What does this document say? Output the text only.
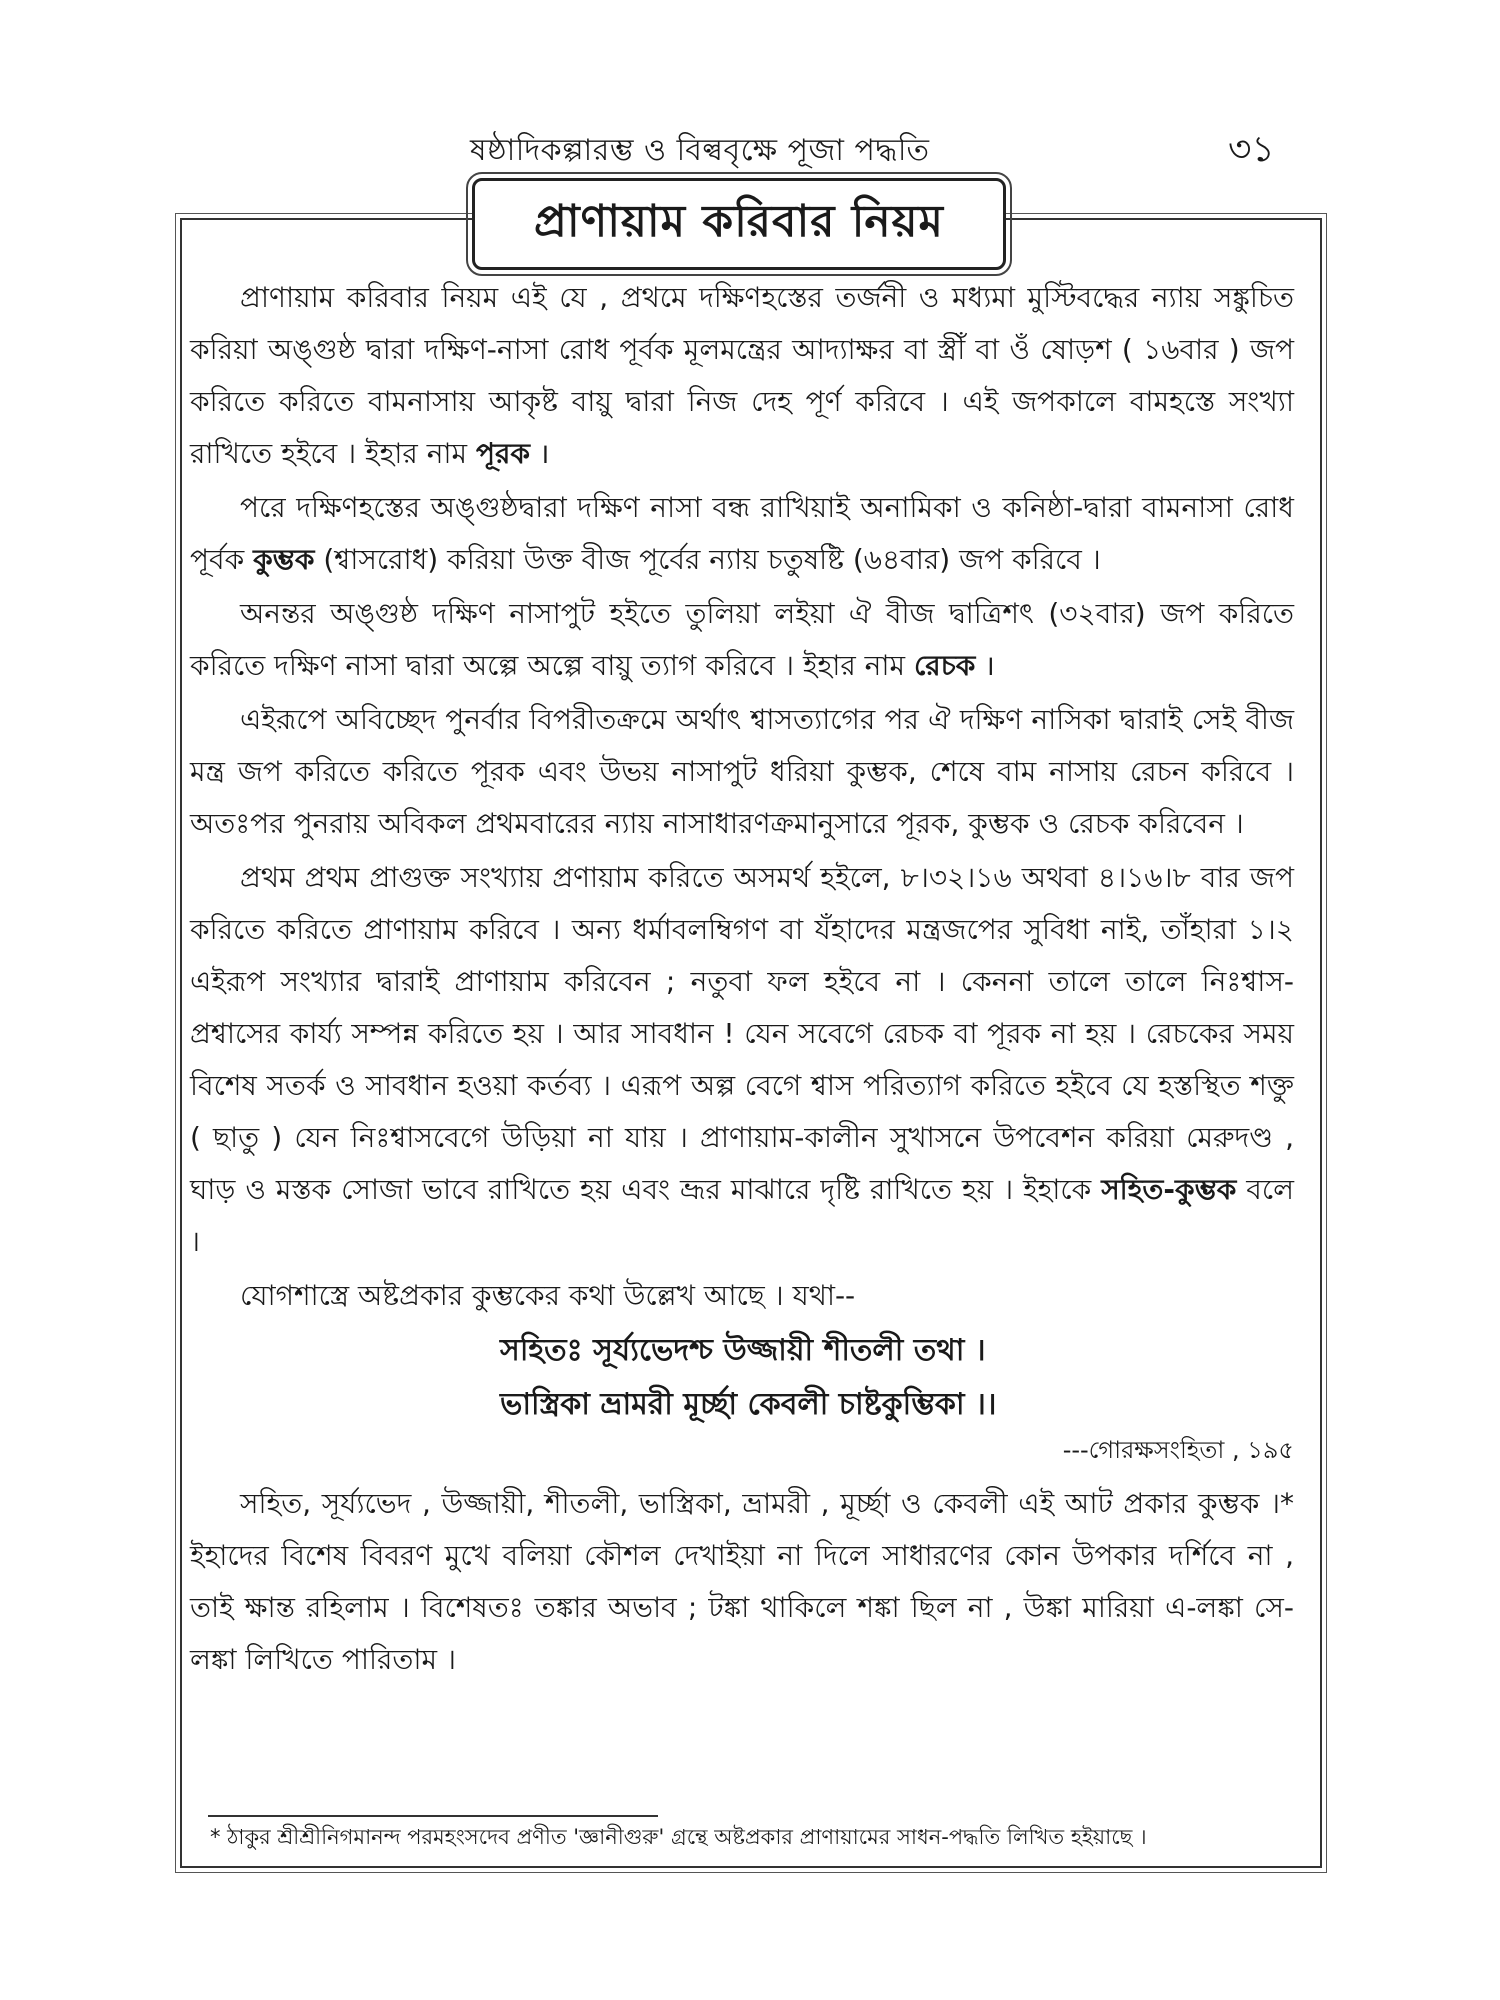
ষষ্ঠাদিকল্পারম্ভ ও বিল্ববৃক্ষে পূজা পদ্ধতি	৩১
প্রাণায়াম করিবার নিয়ম

প্রাণায়াম করিবার নিয়ম এই যে , প্রথমে দক্ষিণহস্তের তর্জনী ও মধ্যমা মুস্টিবদ্ধের ন্যায় সঙ্কুচিত করিয়া অঙ্গুষ্ঠ দ্বারা দক্ষিণ-নাসা রোধ পূর্বক মূলমন্ত্রের আদ্যাক্ষর বা স্ত্রীঁ বা ওঁ ষোড়শ ( ১৬বার ) জপ করিতে করিতে বামনাসায় আকৃষ্ট বায়ু দ্বারা নিজ দেহ পূর্ণ করিবে । এই জপকালে বামহস্তে সংখ্যা রাখিতে হইবে । ইহার নাম পূরক ।

পরে দক্ষিণহস্তের অঙ্গুষ্ঠদ্বারা দক্ষিণ নাসা বন্ধ রাখিয়াই অনামিকা ও কনিষ্ঠা-দ্বারা বামনাসা রোধ পূর্বক কুম্ভক (শ্বাসরোধ) করিয়া উক্ত বীজ পূর্বের ন্যায় চতুষষ্টি (৬৪বার) জপ করিবে ।

অনন্তর অঙ্গুষ্ঠ দক্ষিণ নাসাপুট হইতে তুলিয়া লইয়া ঐ বীজ দ্বাত্রিশৎ (৩২বার) জপ করিতে করিতে দক্ষিণ নাসা দ্বারা অল্পে অল্পে বায়ু ত্যাগ করিবে । ইহার নাম রেচক ।

এইরূপে অবিচ্ছেদ পুনর্বার বিপরীতক্রমে অর্থাৎ শ্বাসত্যাগের পর ঐ দক্ষিণ নাসিকা দ্বারাই সেই বীজ মন্ত্র জপ করিতে করিতে পূরক এবং উভয় নাসাপুট ধরিয়া কুম্ভক, শেষে বাম নাসায় রেচন করিবে । অতঃপর পুনরায় অবিকল প্রথমবারের ন্যায় নাসাধারণক্রমানুসারে পূরক, কুম্ভক ও রেচক করিবেন ।

প্রথম প্রথম প্রাগুক্ত সংখ্যায় প্রণায়াম করিতে অসমর্থ হইলে, ৮।৩২।১৬ অথবা ৪।১৬।৮ বার জপ করিতে করিতে প্রাণায়াম করিবে । অন্য ধর্মাবলম্বিগণ বা যঁহাদের মন্ত্রজপের সুবিধা নাই, তাঁহারা ১।২ এইরূপ সংখ্যার দ্বারাই প্রাণায়াম করিবেন ; নতুবা ফল হইবে না । কেননা তালে তালে নিঃশ্বাস-প্রশ্বাসের কার্য্য সম্পন্ন করিতে হয় । আর সাবধান ! যেন সবেগে রেচক বা পূরক না হয় । রেচকের সময় বিশেষ সতর্ক ও সাবধান হওয়া কর্তব্য । এরূপ অল্প বেগে শ্বাস পরিত্যাগ করিতে হইবে যে হস্তস্থিত শক্তু ( ছাতু ) যেন নিঃশ্বাসবেগে উড়িয়া না যায় । প্রাণায়াম-কালীন সুখাসনে উপবেশন করিয়া মেরুদণ্ড , ঘাড় ও মস্তক সোজা ভাবে রাখিতে হয় এবং ভ্রূর মাঝারে দৃষ্টি রাখিতে হয় । ইহাকে সহিত-কুম্ভক বলে ।

যোগশাস্ত্রে অষ্টপ্রকার কুম্ভকের কথা উল্লেখ আছে । যথা--

সহিতঃ সূর্য্যভেদশ্চ উজ্জায়ী শীতলী তথা ।

ভাস্ত্রিকা ভ্রামরী মূর্চ্ছা কেবলী চাষ্টকুম্ভিকা ।।

---গোরক্ষসংহিতা , ১৯৫

সহিত, সূর্য্যভেদ , উজ্জায়ী, শীতলী, ভাস্ত্রিকা, ভ্রামরী , মূর্চ্ছা ও কেবলী এই আট প্রকার কুম্ভক ।* ইহাদের বিশেষ বিবরণ মুখে বলিয়া কৌশল দেখাইয়া না দিলে সাধারণের কোন উপকার দর্শিবে না , তাই ক্ষান্ত রহিলাম । বিশেষতঃ তঙ্কার অভাব ; টঙ্কা থাকিলে শঙ্কা ছিল না , উঙ্কা মারিয়া এ-লঙ্কা সে-লঙ্কা লিখিতে পারিতাম ।

* ঠাকুর শ্রীশ্রীনিগমানন্দ পরমহংসদেব প্রণীত 'জ্ঞানীগুরু' গ্রন্থে অষ্টপ্রকার প্রাণায়ামের সাধন-পদ্ধতি লিখিত হইয়াছে ।
